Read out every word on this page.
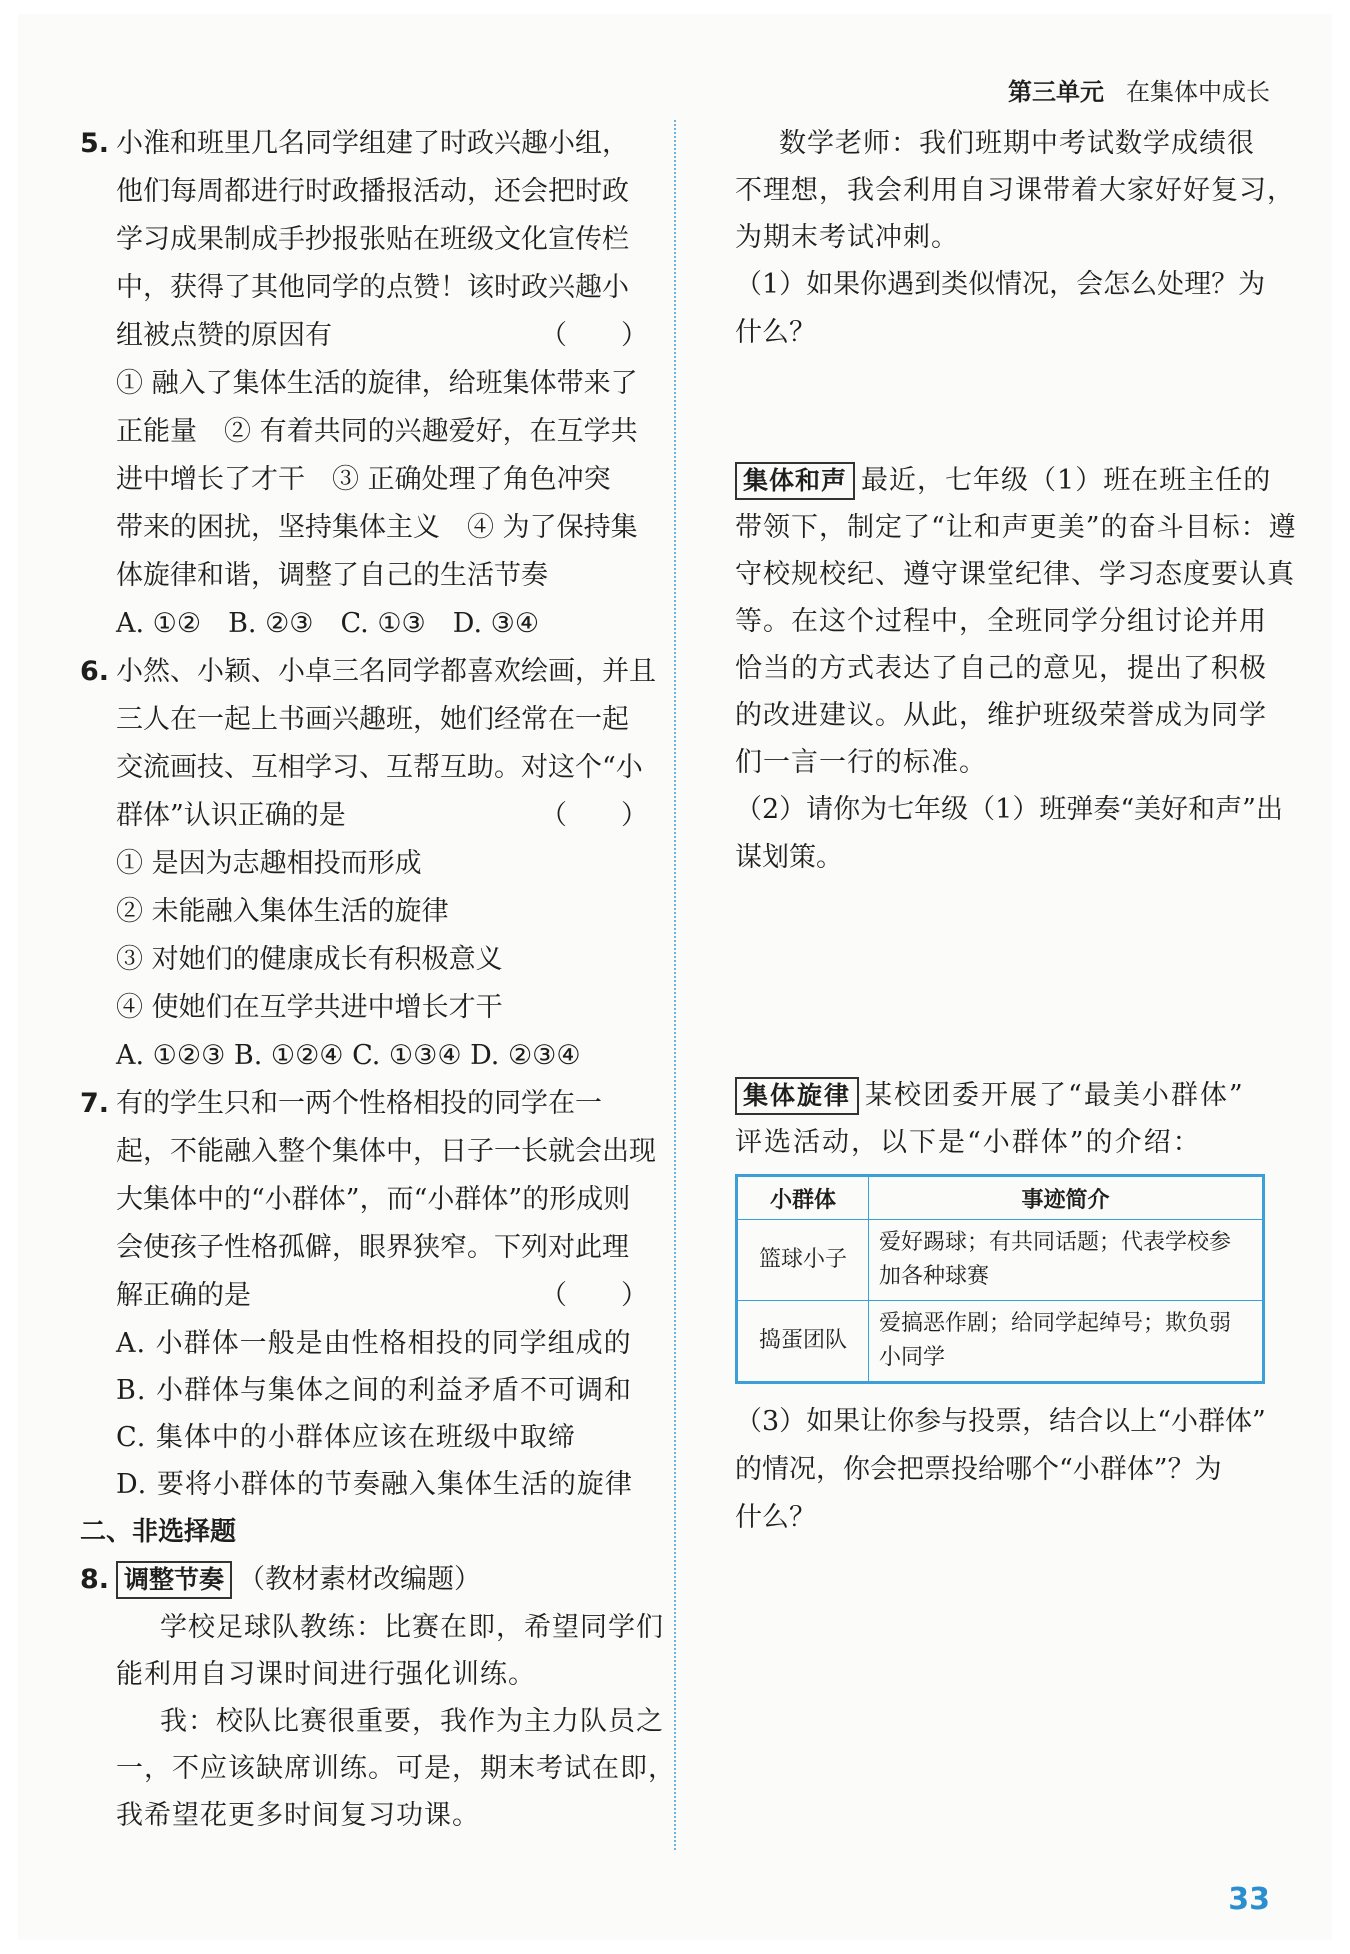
第三单元 在集体中成长
5. 小淮和班里几名同学组建了时政兴趣小组，
他们每周都进行时政播报活动，还会把时政
学习成果制成手抄报张贴在班级文化宣传栏
中，获得了其他同学的点赞！该时政兴趣小
组被点赞的原因有	（　　）
① 融入了集体生活的旋律，给班集体带来了
正能量　② 有着共同的兴趣爱好，在互学共
进中增长了才干　③ 正确处理了角色冲突
带来的困扰，坚持集体主义　④ 为了保持集
体旋律和谐，调整了自己的生活节奏
A. ①②　B. ②③　C. ①③　D. ③④
6. 小然、小颖、小卓三名同学都喜欢绘画，并且
三人在一起上书画兴趣班，她们经常在一起
交流画技、互相学习、互帮互助。对这个“小
群体”认识正确的是	（　　）
① 是因为志趣相投而形成
② 未能融入集体生活的旋律
③ 对她们的健康成长有积极意义
④ 使她们在互学共进中增长才干
A. ①②③ B. ①②④ C. ①③④ D. ②③④
7. 有的学生只和一两个性格相投的同学在一
起，不能融入整个集体中，日子一长就会出现
大集体中的“小群体”，而“小群体”的形成则
会使孩子性格孤僻，眼界狭窄。下列对此理
解正确的是	（　　）
A. 小群体一般是由性格相投的同学组成的
B. 小群体与集体之间的利益矛盾不可调和
C. 集体中的小群体应该在班级中取缔
D. 要将小群体的节奏融入集体生活的旋律
二、非选择题
8. 调整节奏 （教材素材改编题）
学校足球队教练：比赛在即，希望同学们
能利用自习课时间进行强化训练。
我：校队比赛很重要，我作为主力队员之
一，不应该缺席训练。可是，期末考试在即，
我希望花更多时间复习功课。
数学老师：我们班期中考试数学成绩很
不理想，我会利用自习课带着大家好好复习，
为期末考试冲刺。
（1）如果你遇到类似情况，会怎么处理？为
什么？
集体和声 最近，七年级（1）班在班主任的
带领下，制定了“让和声更美”的奋斗目标：遵
守校规校纪、遵守课堂纪律、学习态度要认真
等。在这个过程中，全班同学分组讨论并用
恰当的方式表达了自己的意见，提出了积极
的改进建议。从此，维护班级荣誉成为同学
们一言一行的标准。
（2）请你为七年级（1）班弹奏“美好和声”出
谋划策。
集体旋律 某校团委开展了“最美小群体”
评选活动，以下是“小群体”的介绍：
小群体	事迹简介
篮球小子	爱好踢球；有共同话题；代表学校参加各种球赛
捣蛋团队	爱搞恶作剧；给同学起绰号；欺负弱小同学
（3）如果让你参与投票，结合以上“小群体”
的情况，你会把票投给哪个“小群体”？为
什么？
33
